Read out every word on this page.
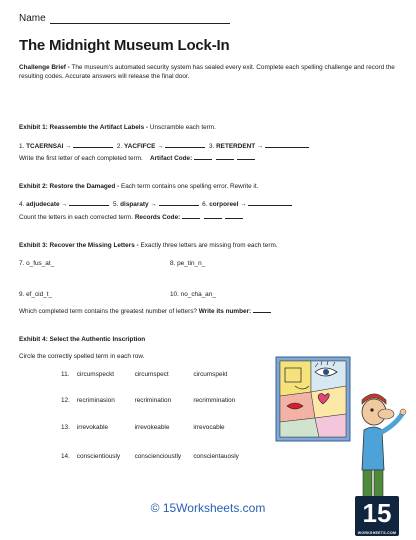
Name
The Midnight Museum Lock-In
Challenge Brief - The museum's automated security system has sealed every exit. Complete each spelling challenge and record the resulting codes. Accurate answers will release the final door.
Exhibit 1: Reassemble the Artifact Labels - Unscramble each term.
1. TCAERNSAI →	2. YACFIFCE →	3. RETERDENT →
Write the first letter of each completed term. Artifact Code:
Exhibit 2: Restore the Damaged - Each term contains one spelling error. Rewrite it.
4. adjudecate →	5. disparaty →	6. corporeel →
Count the letters in each corrected term. Records Code:
Exhibit 3: Recover the Missing Letters - Exactly three letters are missing from each term.
7. o_fus_at_	8. pe_tin_n_
9. ef_cid_t_	10. no_cha_an_
Which completed term contains the greatest number of letters? Write its number:
Exhibit 4: Select the Authentic Inscription
Circle the correctly spelled term in each row.
11. circumspeckt	circumspect	circumspekt
12. recriminasion	recrimination	recrimmination
13. irrevokable	irrevokeable	irrevocable
14. conscientiously consciencioustly conscientauosly
© 15Worksheets.com	15
WORKSHEETS.COM
